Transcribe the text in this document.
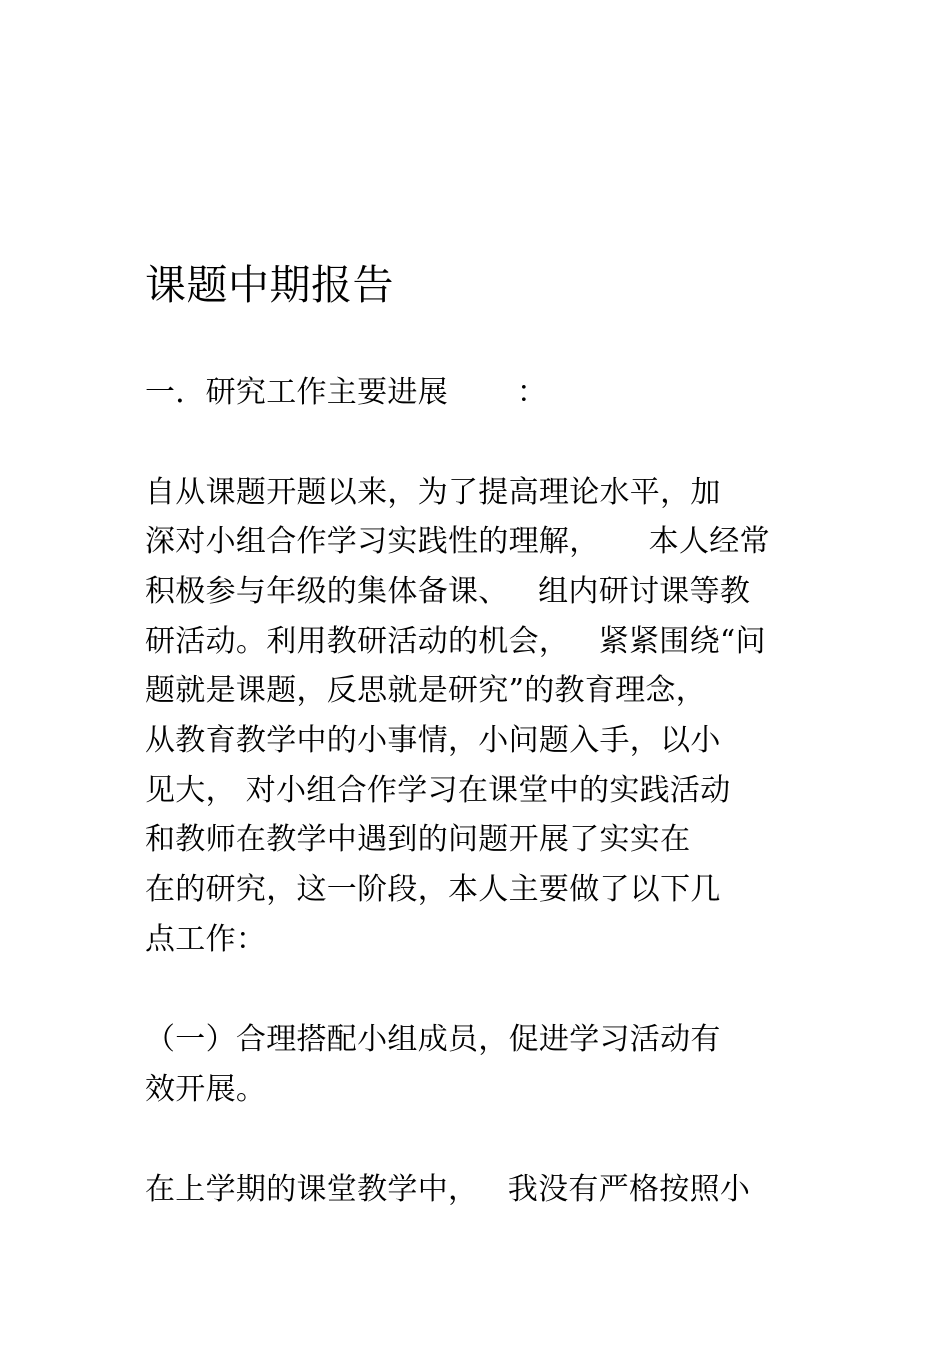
课题中期报告
一．研究工作主要进展       ：
自从课题开题以来，为了提高理论水平，加
深对小组合作学习实践性的理解，     本人经常
积极参与年级的集体备课、   组内研讨课等教
研活动。利用教研活动的机会，   紧紧围绕“问
题就是课题，反思就是研究”的教育理念，
从教育教学中的小事情，小问题入手，以小
见大， 对小组合作学习在课堂中的实践活动
和教师在教学中遇到的问题开展了实实在
在的研究，这一阶段，本人主要做了以下几
点工作：
（一）合理搭配小组成员，促进学习活动有
效开展。
在上学期的课堂教学中，   我没有严格按照小
